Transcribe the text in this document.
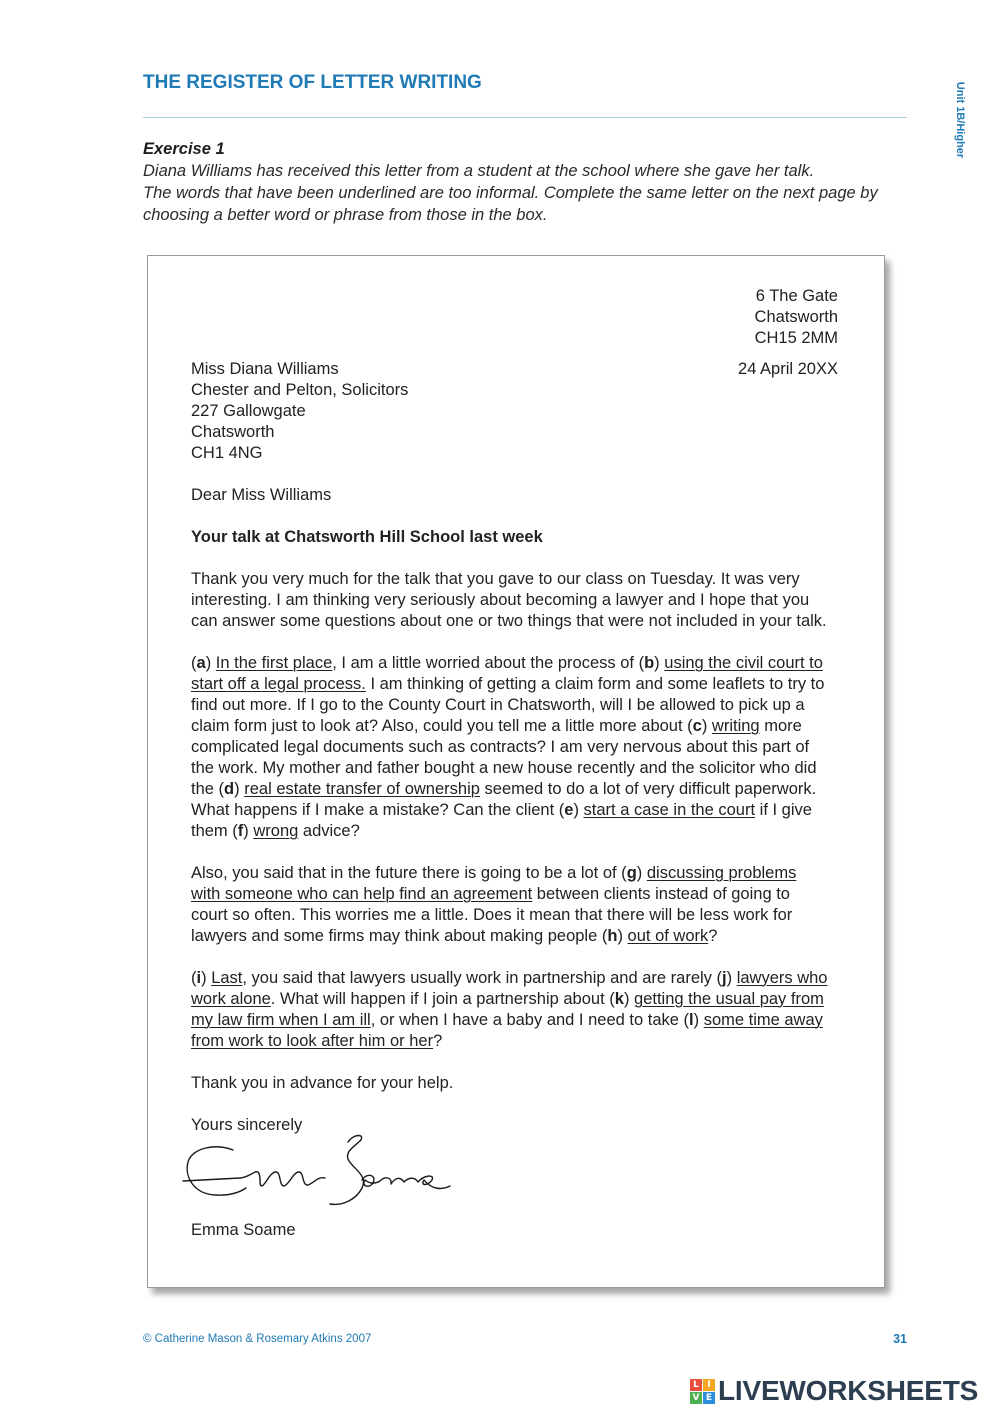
THE REGISTER OF LETTER WRITING	Unit 1B/Higher
Exercise 1
Diana Williams has received this letter from a student at the school where she gave her talk.
The words that have been underlined are too informal. Complete the same letter on the next page by
choosing a better word or phrase from those in the box.
6 The Gate
Chatsworth
CH15 2MM
24 April 20XX
Miss Diana Williams
Chester and Pelton, Solicitors
227 Gallowgate
Chatsworth
CH1 4NG
Dear Miss Williams
Your talk at Chatsworth Hill School last week
Thank you very much for the talk that you gave to our class on Tuesday. It was very
interesting. I am thinking very seriously about becoming a lawyer and I hope that you
can answer some questions about one or two things that were not included in your talk.
(a) In the first place, I am a little worried about the process of (b) using the civil court to
start off a legal process. I am thinking of getting a claim form and some leaflets to try to
find out more. If I go to the County Court in Chatsworth, will I be allowed to pick up a
claim form just to look at? Also, could you tell me a little more about (c) writing more
complicated legal documents such as contracts? I am very nervous about this part of
the work. My mother and father bought a new house recently and the solicitor who did
the (d) real estate transfer of ownership seemed to do a lot of very difficult paperwork.
What happens if I make a mistake? Can the client (e) start a case in the court if I give
them (f) wrong advice?
Also, you said that in the future there is going to be a lot of (g) discussing problems
with someone who can help find an agreement between clients instead of going to
court so often. This worries me a little. Does it mean that there will be less work for
lawyers and some firms may think about making people (h) out of work?
(i) Last, you said that lawyers usually work in partnership and are rarely (j) lawyers who
work alone. What will happen if I join a partnership about (k) getting the usual pay from
my law firm when I am ill, or when I have a baby and I need to take (l) some time away
from work to look after him or her?
Thank you in advance for your help.
Yours sincerely
Emma Soame
© Catherine Mason & Rosemary Atkins 2007	31
L I
V E LIVEWORKSHEETS
